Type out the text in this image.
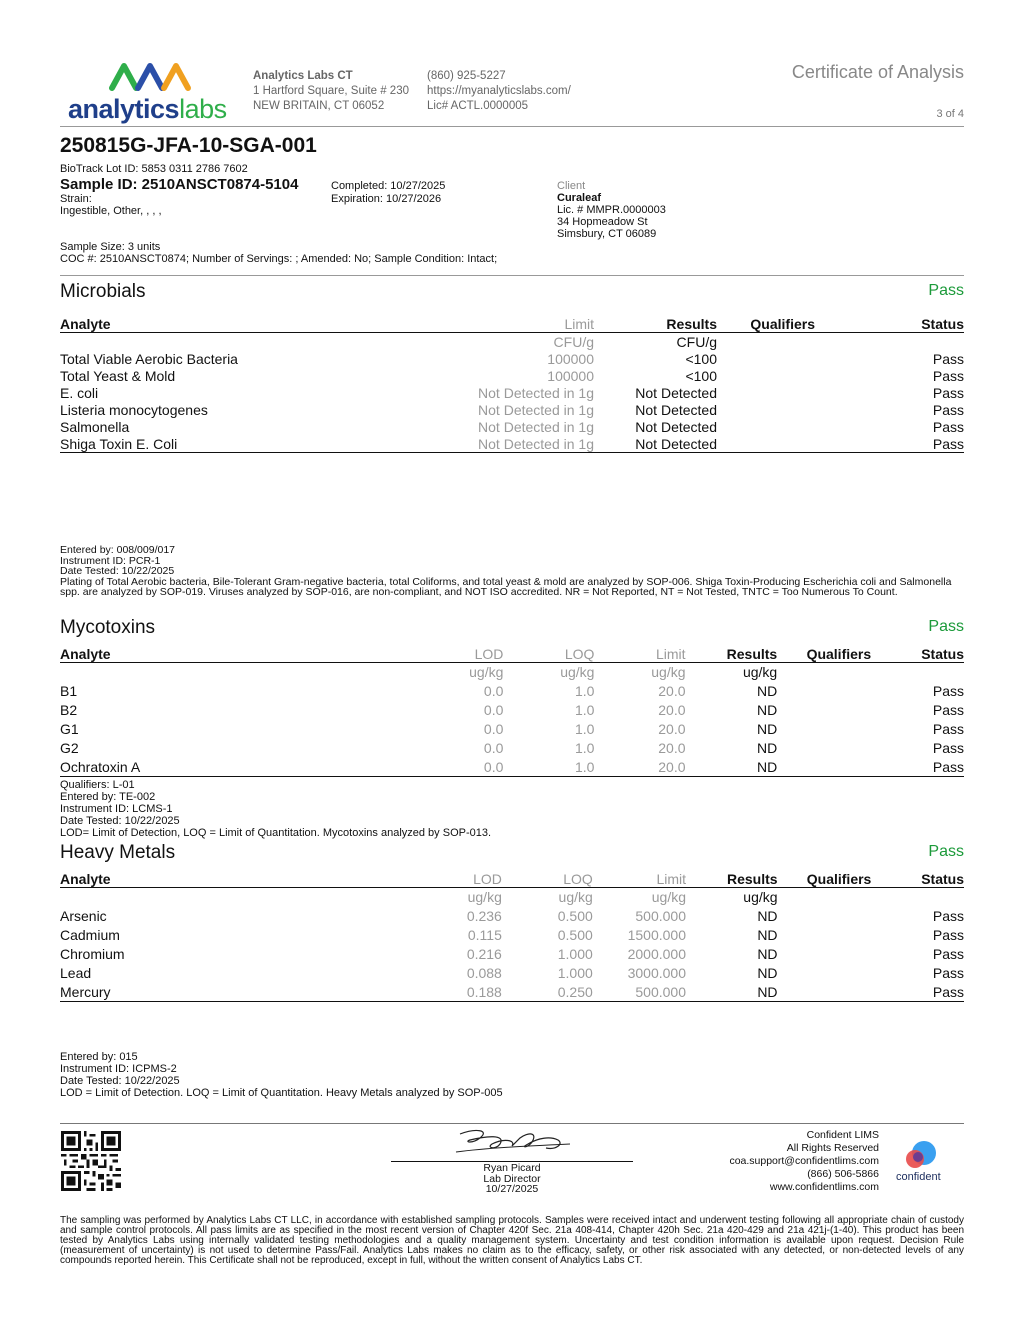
analyticslabs
Analytics Labs CT
1 Hartford Square, Suite # 230
NEW BRITAIN, CT 06052
(860) 925-5227
https://myanalyticslabs.com/
Lic# ACTL.0000005
Certificate of Analysis
3 of 4
250815G-JFA-10-SGA-001
BioTrack Lot ID: 5853 0311 2786 7602
Sample ID: 2510ANSCT0874-5104
Strain:
Ingestible, Other, , , ,
Completed: 10/27/2025
Expiration: 10/27/2026
Client
Curaleaf
Lic. # MMPR.0000003
34 Hopmeadow St
Simsbury, CT 06089
Sample Size: 3 units
COC #: 2510ANSCT0874; Number of Servings: ; Amended: No; Sample Condition: Intact;
Microbials	Pass
Analyte	Limit	Results	Qualifiers	Status
	CFU/g	CFU/g		
Total Viable Aerobic Bacteria	100000	<100		Pass
Total Yeast & Mold	100000	<100		Pass
E. coli	Not Detected in 1g	Not Detected		Pass
Listeria monocytogenes	Not Detected in 1g	Not Detected		Pass
Salmonella	Not Detected in 1g	Not Detected		Pass
Shiga Toxin E. Coli	Not Detected in 1g	Not Detected		Pass
Entered by: 008/009/017
Instrument ID: PCR-1
Date Tested: 10/22/2025
Plating of Total Aerobic bacteria, Bile-Tolerant Gram-negative bacteria, total Coliforms, and total yeast & mold are analyzed by SOP-006. Shiga Toxin-Producing Escherichia coli and Salmonella spp. are analyzed by SOP-019. Viruses analyzed by SOP-016, are non-compliant, and NOT ISO accredited. NR = Not Reported, NT = Not Tested, TNTC = Too Numerous To Count.
Mycotoxins	Pass
Analyte	LOD	LOQ	Limit	Results	Qualifiers	Status
	ug/kg	ug/kg	ug/kg	ug/kg		
B1	0.0	1.0	20.0	ND		Pass
B2	0.0	1.0	20.0	ND		Pass
G1	0.0	1.0	20.0	ND		Pass
G2	0.0	1.0	20.0	ND		Pass
Ochratoxin A	0.0	1.0	20.0	ND		Pass
Qualifiers: L-01
Entered by: TE-002
Instrument ID: LCMS-1
Date Tested: 10/22/2025
LOD= Limit of Detection, LOQ = Limit of Quantitation. Mycotoxins analyzed by SOP-013.
Heavy Metals	Pass
Analyte	LOD	LOQ	Limit	Results	Qualifiers	Status
	ug/kg	ug/kg	ug/kg	ug/kg		
Arsenic	0.236	0.500	500.000	ND		Pass
Cadmium	0.115	0.500	1500.000	ND		Pass
Chromium	0.216	1.000	2000.000	ND		Pass
Lead	0.088	1.000	3000.000	ND		Pass
Mercury	0.188	0.250	500.000	ND		Pass
Entered by: 015
Instrument ID: ICPMS-2
Date Tested: 10/22/2025
LOD = Limit of Detection. LOQ = Limit of Quantitation. Heavy Metals analyzed by SOP-005
Ryan Picard
Lab Director
10/27/2025
Confident LIMS
All Rights Reserved
coa.support@confidentlims.com
(866) 506-5866
www.confidentlims.com
confident
The sampling was performed by Analytics Labs CT LLC, in accordance with established sampling protocols. Samples were received intact and underwent testing following all appropriate chain of custody and sample control protocols. All pass limits are as specified in the most recent version of Chapter 420f Sec. 21a 408-414, Chapter 420h Sec. 21a 420-429 and 21a 421j-(1-40). This product has been tested by Analytics Labs using internally validated testing methodologies and a quality management system. Uncertainty and test condition information is available upon request. Decision Rule (measurement of uncertainty) is not used to determine Pass/Fail. Analytics Labs makes no claim as to the efficacy, safety, or other risk associated with any detected, or non-detected levels of any compounds reported herein. This Certificate shall not be reproduced, except in full, without the written consent of Analytics Labs CT.
